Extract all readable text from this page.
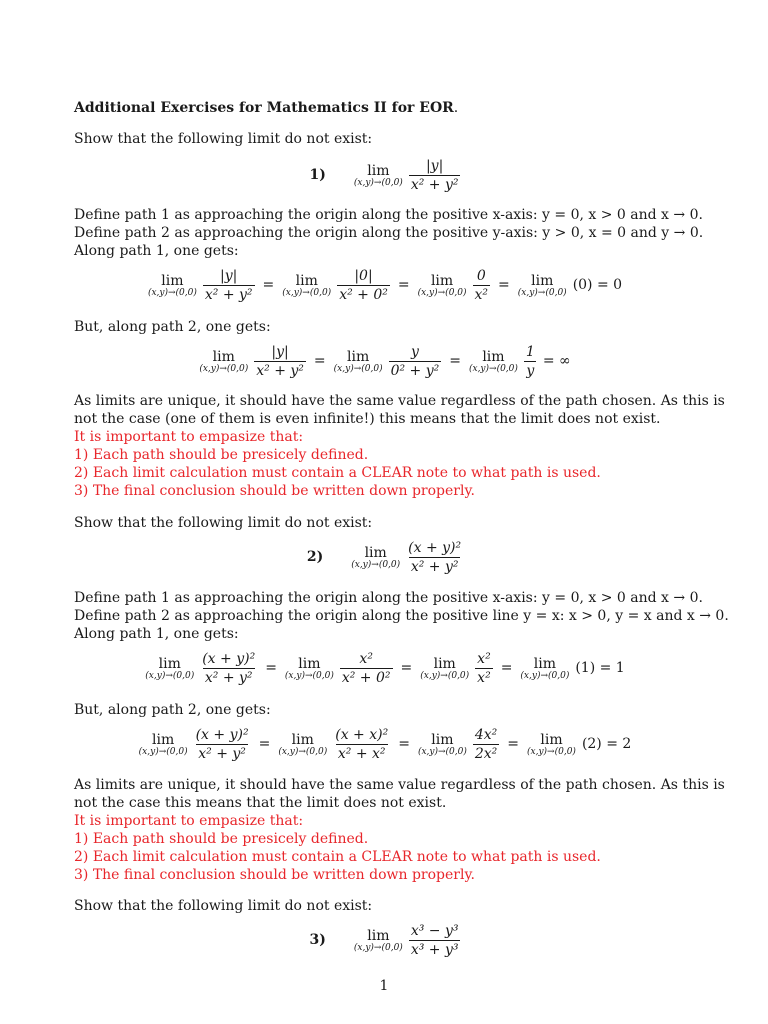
Additional Exercises for Mathematics II for EOR.
Show that the following limit do not exist:
1)	lim
$(x,y)\to(0,0) \frac{|y|}{\text{x² + y²}}$
Define path 1 as approaching the origin along the positive x-axis: y = 0, x > 0 and x → 0.
Define path 2 as approaching the origin along the positive y-axis: y > 0, x = 0 and y → 0.
Along path 1, one gets:
lim
$(x,y)\to(0,0) \frac{|y|}{\text{x² + y²}} = \lim$
$(x,y)\to(0,0) \frac{|0|}{\text{x² + 0²}} = \lim$
$(x,y)\to(0,0) \frac{0}{\text{x²}} = \lim$
(x,y)→(0,0) (0) = 0
But, along path 2, one gets:
lim
$(x,y)\to(0,0) \frac{|y|}{\text{x² + y²}} = \lim$
$(x,y)\to(0,0) \frac{y}{\text{0² + y²}} = \lim$
$(x,y)\to(0,0) \frac{1}{y}$ = ∞
As limits are unique, it should have the same value regardless of the path chosen. As this is
not the case (one of them is even infinite!) this means that the limit does not exist.
It is important to empasize that:
1) Each path should be presicely defined.
2) Each limit calculation must contain a CLEAR note to what path is used.
3) The final conclusion should be written down properly.
Show that the following limit do not exist:
2)	lim
$(x,y)\to(0,0) \frac{\text{(x + y)²}}{\text{x² + y²}}$
Define path 1 as approaching the origin along the positive x-axis: y = 0, x > 0 and x → 0.
Define path 2 as approaching the origin along the positive line y = x: x > 0, y = x and x → 0.
Along path 1, one gets:
lim
$(x,y)\to(0,0) \frac{\text{(x + y)²}}{\text{x² + y²}} = \lim$
$(x,y)\to(0,0) \frac{\text{x²}}{\text{x² + 0²}} = \lim$
$(x,y)\to(0,0) \frac{\text{x²}}{\text{x²}} = \lim$
(x,y)→(0,0) (1) = 1
But, along path 2, one gets:
lim
$(x,y)\to(0,0) \frac{\text{(x + y)²}}{\text{x² + y²}} = \lim$
$(x,y)\to(0,0) \frac{\text{(x + x)²}}{\text{x² + x²}} = \lim$
$(x,y)\to(0,0) \frac{\text{4x²}}{\text{2x²}} = \lim$
(x,y)→(0,0) (2) = 2
As limits are unique, it should have the same value regardless of the path chosen. As this is
not the case this means that the limit does not exist.
It is important to empasize that:
1) Each path should be presicely defined.
2) Each limit calculation must contain a CLEAR note to what path is used.
3) The final conclusion should be written down properly.
Show that the following limit do not exist:
3)	lim
$(x,y)\to(0,0) \frac{\text{x³ − y³}}{\text{x³ + y³}}$
1
